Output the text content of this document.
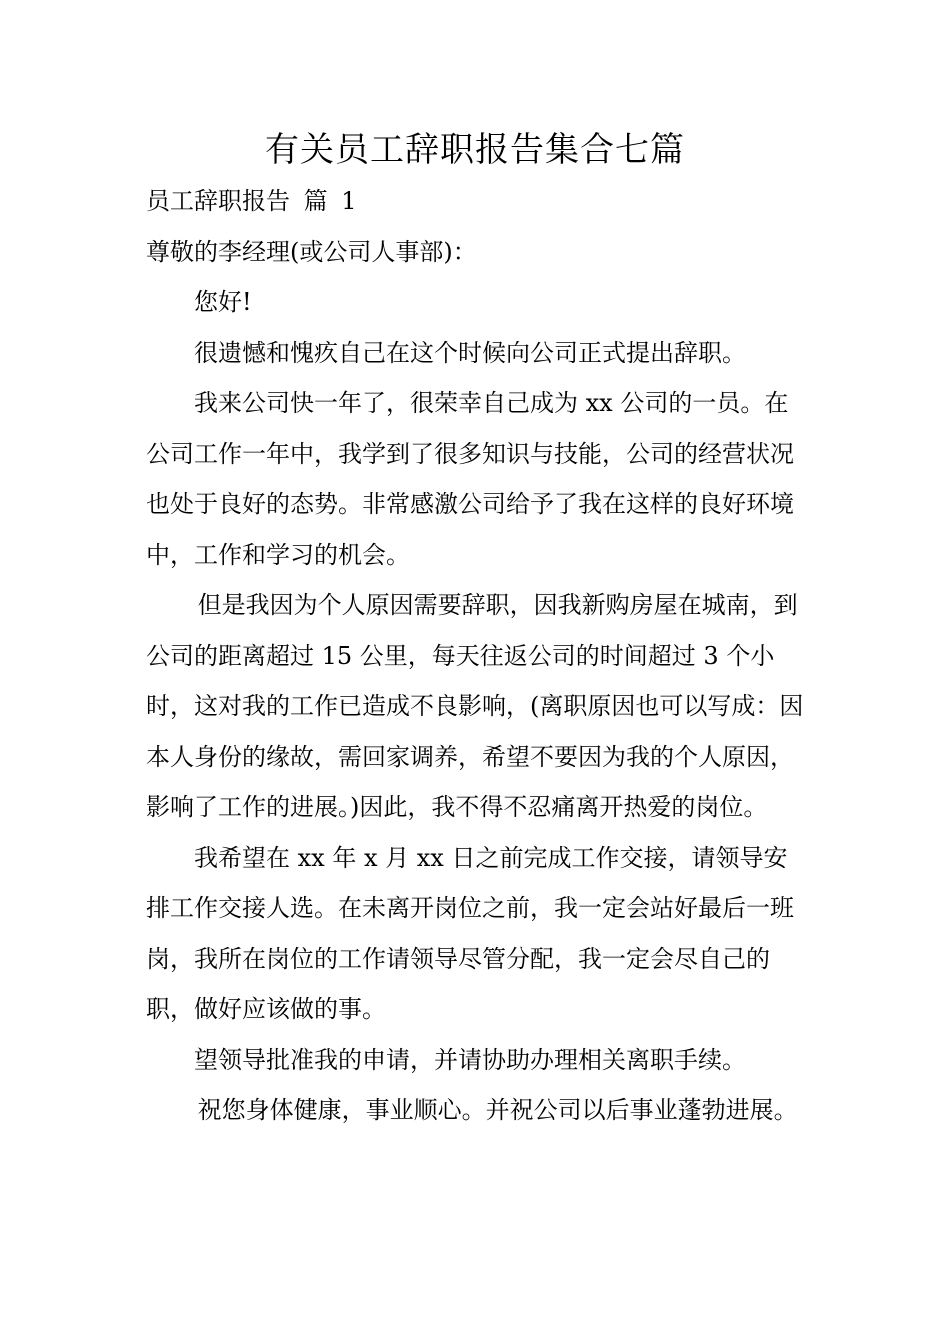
有关员工辞职报告集合七篇

员工辞职报告 篇 1

尊敬的李经理(或公司人事部)：

您好!

很遗憾和愧疚自己在这个时候向公司正式提出辞职。

我来公司快一年了，很荣幸自己成为 xx 公司的一员。在公司工作一年中，我学到了很多知识与技能，公司的经营状况也处于良好的态势。非常感激公司给予了我在这样的良好环境中，工作和学习的机会。

但是我因为个人原因需要辞职，因我新购房屋在城南，到公司的距离超过 15 公里，每天往返公司的时间超过 3 个小时，这对我的工作已造成不良影响，(离职原因也可以写成：因本人身份的缘故，需回家调养，希望不要因为我的个人原因，影响了工作的进展。)因此，我不得不忍痛离开热爱的岗位。

我希望在 xx 年 x 月 xx 日之前完成工作交接，请领导安排工作交接人选。在未离开岗位之前，我一定会站好最后一班岗，我所在岗位的工作请领导尽管分配，我一定会尽自己的职，做好应该做的事。

望领导批准我的申请，并请协助办理相关离职手续。

祝您身体健康，事业顺心。并祝公司以后事业蓬勃进展。
